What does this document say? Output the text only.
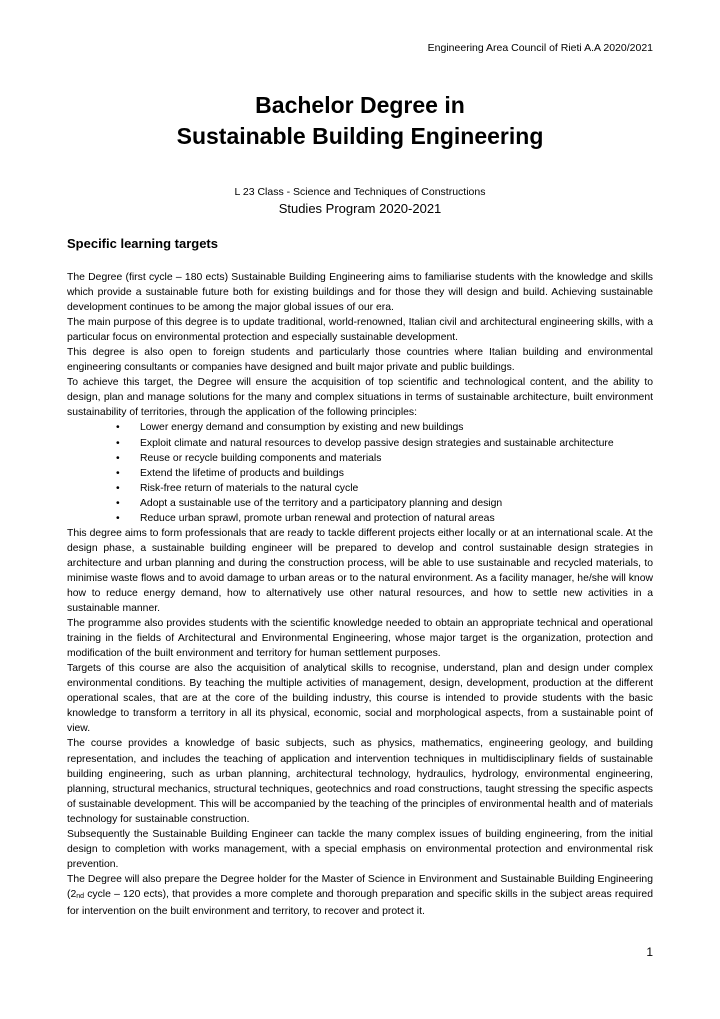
Engineering Area Council of Rieti A.A 2020/2021
Bachelor Degree in
Sustainable Building Engineering
L 23 Class - Science and Techniques of Constructions
Studies Program 2020-2021
Specific learning targets

The Degree (first cycle – 180 ects) Sustainable Building Engineering aims to familiarise students with the knowledge and skills which provide a sustainable future both for existing buildings and for those they will design and build. Achieving sustainable development continues to be among the major global issues of our era.

The main purpose of this degree is to update traditional, world-renowned, Italian civil and architectural engineering skills, with a particular focus on environmental protection and especially sustainable development.

This degree is also open to foreign students and particularly those countries where Italian building and environmental engineering consultants or companies have designed and built major private and public buildings.

To achieve this target, the Degree will ensure the acquisition of top scientific and technological content, and the ability to design, plan and manage solutions for the many and complex situations in terms of sustainable architecture, built environment sustainability of territories, through the application of the following principles:

• Lower energy demand and consumption by existing and new buildings
• Exploit climate and natural resources to develop passive design strategies and sustainable architecture
• Reuse or recycle building components and materials
• Extend the lifetime of products and buildings
• Risk-free return of materials to the natural cycle
• Adopt a sustainable use of the territory and a participatory planning and design
• Reduce urban sprawl, promote urban renewal and protection of natural areas

This degree aims to form professionals that are ready to tackle different projects either locally or at an international scale. At the design phase, a sustainable building engineer will be prepared to develop and control sustainable design strategies in architecture and urban planning and during the construction process, will be able to use sustainable and recycled materials, to minimise waste flows and to avoid damage to urban areas or to the natural environment. As a facility manager, he/she will know how to reduce energy demand, how to alternatively use other natural resources, and how to settle new activities in a sustainable manner.

The programme also provides students with the scientific knowledge needed to obtain an appropriate technical and operational training in the fields of Architectural and Environmental Engineering, whose major target is the organization, protection and modification of the built environment and territory for human settlement purposes.

Targets of this course are also the acquisition of analytical skills to recognise, understand, plan and design under complex environmental conditions. By teaching the multiple activities of management, design, development, production at the different operational scales, that are at the core of the building industry, this course is intended to provide students with the basic knowledge to transform a territory in all its physical, economic, social and morphological aspects, from a sustainable point of view.

The course provides a knowledge of basic subjects, such as physics, mathematics, engineering geology, and building representation, and includes the teaching of application and intervention techniques in multidisciplinary fields of sustainable building engineering, such as urban planning, architectural technology, hydraulics, hydrology, environmental engineering, planning, structural mechanics, structural techniques, geotechnics and road constructions, taught stressing the specific aspects of sustainable development. This will be accompanied by the teaching of the principles of environmental health and of materials technology for sustainable construction.

Subsequently the Sustainable Building Engineer can tackle the many complex issues of building engineering, from the initial design to completion with works management, with a special emphasis on environmental protection and environmental risk prevention.

The Degree will also prepare the Degree holder for the Master of Science in Environment and Sustainable Building Engineering ($2_{nd}$ cycle – 120 ects), that provides a more complete and thorough preparation and specific skills in the subject areas required for intervention on the built environment and territory, to recover and protect it.

1
